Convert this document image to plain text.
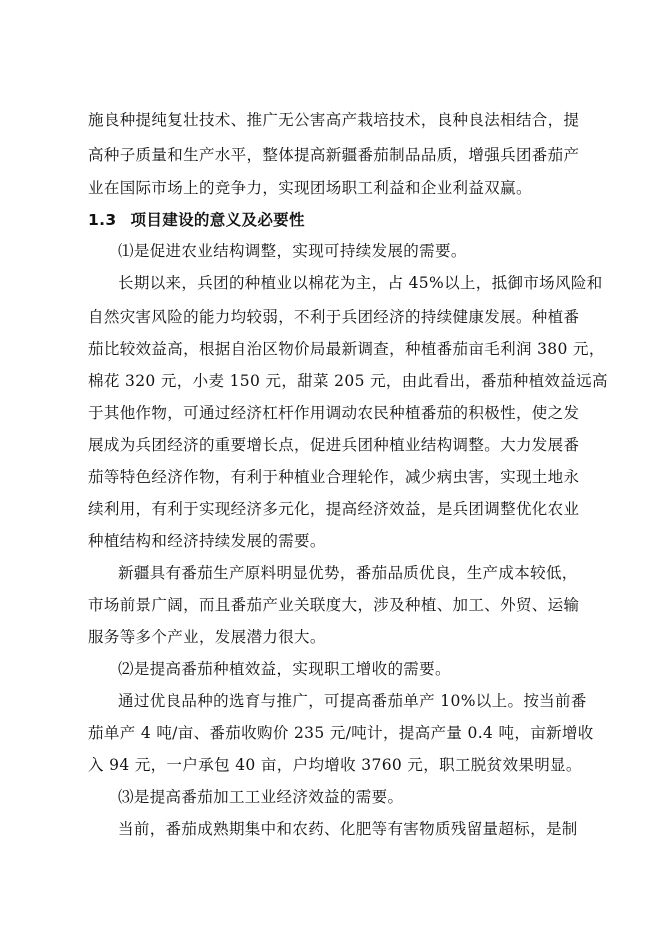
施良种提纯复壮技术、推广无公害高产栽培技术，良种良法相结合，提
高种子质量和生产水平，整体提高新疆番茄制品品质，增强兵团番茄产
业在国际市场上的竞争力，实现团场职工利益和企业利益双赢。
1.3 项目建设的意义及必要性
⑴是促进农业结构调整，实现可持续发展的需要。
长期以来，兵团的种植业以棉花为主，占 45%以上，抵御市场风险和
自然灾害风险的能力均较弱，不利于兵团经济的持续健康发展。种植番
茄比较效益高，根据自治区物价局最新调查，种植番茄亩毛利润 380 元，
棉花 320 元，小麦 150 元，甜菜 205 元，由此看出，番茄种植效益远高
于其他作物，可通过经济杠杆作用调动农民种植番茄的积极性，使之发
展成为兵团经济的重要增长点，促进兵团种植业结构调整。大力发展番
茄等特色经济作物，有利于种植业合理轮作，减少病虫害，实现土地永
续利用，有利于实现经济多元化，提高经济效益，是兵团调整优化农业
种植结构和经济持续发展的需要。
新疆具有番茄生产原料明显优势，番茄品质优良，生产成本较低，
市场前景广阔，而且番茄产业关联度大，涉及种植、加工、外贸、运输
服务等多个产业，发展潜力很大。
⑵是提高番茄种植效益，实现职工增收的需要。
通过优良品种的选育与推广，可提高番茄单产 10%以上。按当前番
茄单产 4 吨/亩、番茄收购价 235 元/吨计，提高产量 0.4 吨，亩新增收
入 94 元，一户承包 40 亩，户均增收 3760 元，职工脱贫效果明显。
⑶是提高番茄加工工业经济效益的需要。
当前，番茄成熟期集中和农药、化肥等有害物质残留量超标，是制
